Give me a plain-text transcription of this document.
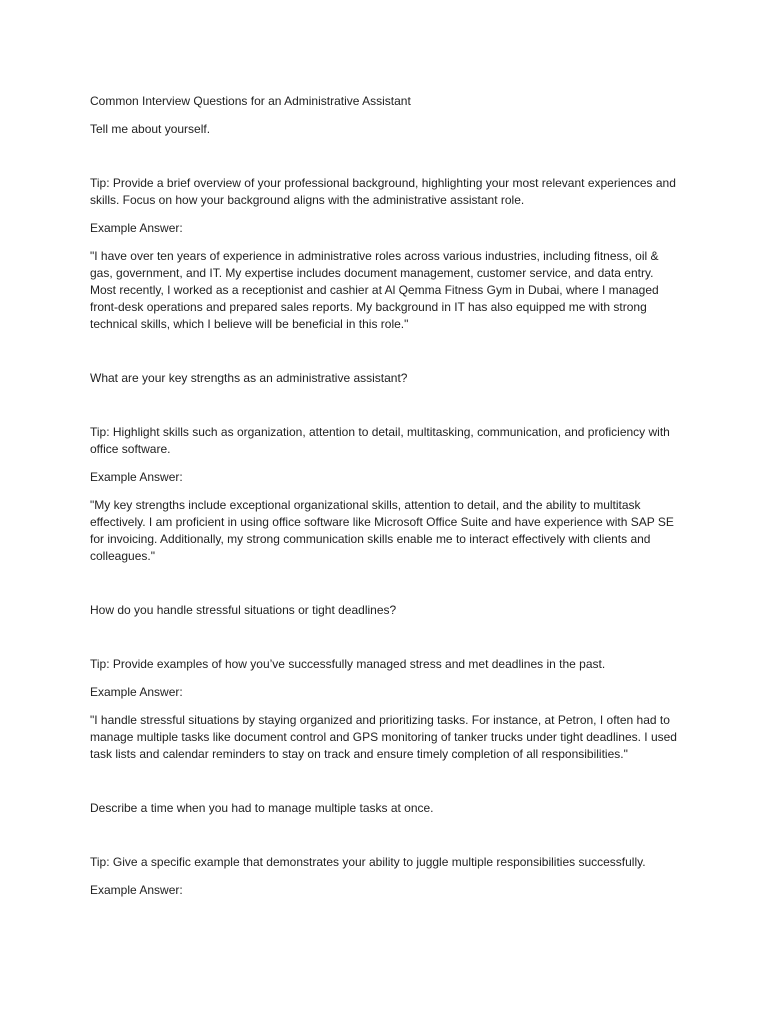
Common Interview Questions for an Administrative Assistant

Tell me about yourself.

Tip: Provide a brief overview of your professional background, highlighting your most relevant experiences and skills. Focus on how your background aligns with the administrative assistant role.

Example Answer:

"I have over ten years of experience in administrative roles across various industries, including fitness, oil & gas, government, and IT. My expertise includes document management, customer service, and data entry. Most recently, I worked as a receptionist and cashier at Al Qemma Fitness Gym in Dubai, where I managed front-desk operations and prepared sales reports. My background in IT has also equipped me with strong technical skills, which I believe will be beneficial in this role."

What are your key strengths as an administrative assistant?

Tip: Highlight skills such as organization, attention to detail, multitasking, communication, and proficiency with office software.

Example Answer:

"My key strengths include exceptional organizational skills, attention to detail, and the ability to multitask effectively. I am proficient in using office software like Microsoft Office Suite and have experience with SAP SE for invoicing. Additionally, my strong communication skills enable me to interact effectively with clients and colleagues."

How do you handle stressful situations or tight deadlines?

Tip: Provide examples of how you’ve successfully managed stress and met deadlines in the past.

Example Answer:

"I handle stressful situations by staying organized and prioritizing tasks. For instance, at Petron, I often had to manage multiple tasks like document control and GPS monitoring of tanker trucks under tight deadlines. I used task lists and calendar reminders to stay on track and ensure timely completion of all responsibilities."

Describe a time when you had to manage multiple tasks at once.

Tip: Give a specific example that demonstrates your ability to juggle multiple responsibilities successfully.

Example Answer:
